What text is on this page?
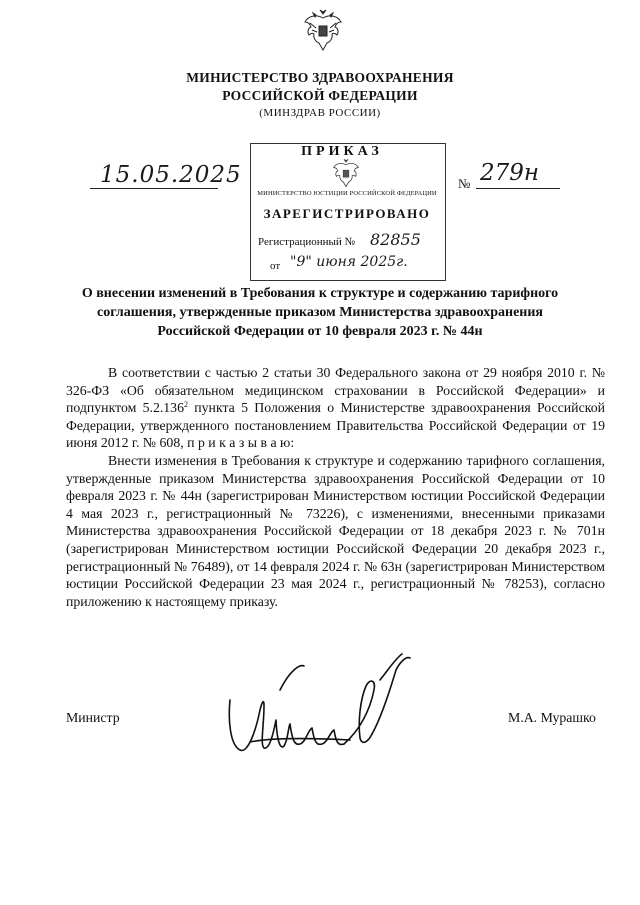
МИНИСТЕРСТВО ЗДРАВООХРАНЕНИЯ
РОССИЙСКОЙ ФЕДЕРАЦИИ
(МИНЗДРАВ РОССИИ)
15.05.2025	№ 279н
ПРИКАЗ
МИНИСТЕРСТВО ЮСТИЦИИ РОССИЙСКОЙ ФЕДЕРАЦИИ
ЗАРЕГИСТРИРОВАНО
Регистрационный № 82855
от "9" июня 2025г.
О внесении изменений в Требования к структуре и содержанию тарифного
соглашения, утвержденные приказом Министерства здравоохранения
Российской Федерации от 10 февраля 2023 г. № 44н

В соответствии с частью 2 статьи 30 Федерального закона от 29 ноября 2010 г. № 326-ФЗ «Об обязательном медицинском страховании в Российской Федерации» и подпунктом 5.2.136$^2$ пункта 5 Положения о Министерстве здравоохранения Российской Федерации, утвержденного постановлением Правительства Российской Федерации от 19 июня 2012 г. № 608, п р и к а з ы в а ю:

Внести изменения в Требования к структуре и содержанию тарифного соглашения, утвержденные приказом Министерства здравоохранения Российской Федерации от 10 февраля 2023 г. № 44н (зарегистрирован Министерством юстиции Российской Федерации 4 мая 2023 г., регистрационный № 73226), с изменениями, внесенными приказами Министерства здравоохранения Российской Федерации от 18 декабря 2023 г. № 701н (зарегистрирован Министерством юстиции Российской Федерации 20 декабря 2023 г., регистрационный № 76489), от 14 февраля 2024 г. № 63н (зарегистрирован Министерством юстиции Российской Федерации 23 мая 2024 г., регистрационный № 78253), согласно приложению к настоящему приказу.

Министр	М.А. Мурашко
